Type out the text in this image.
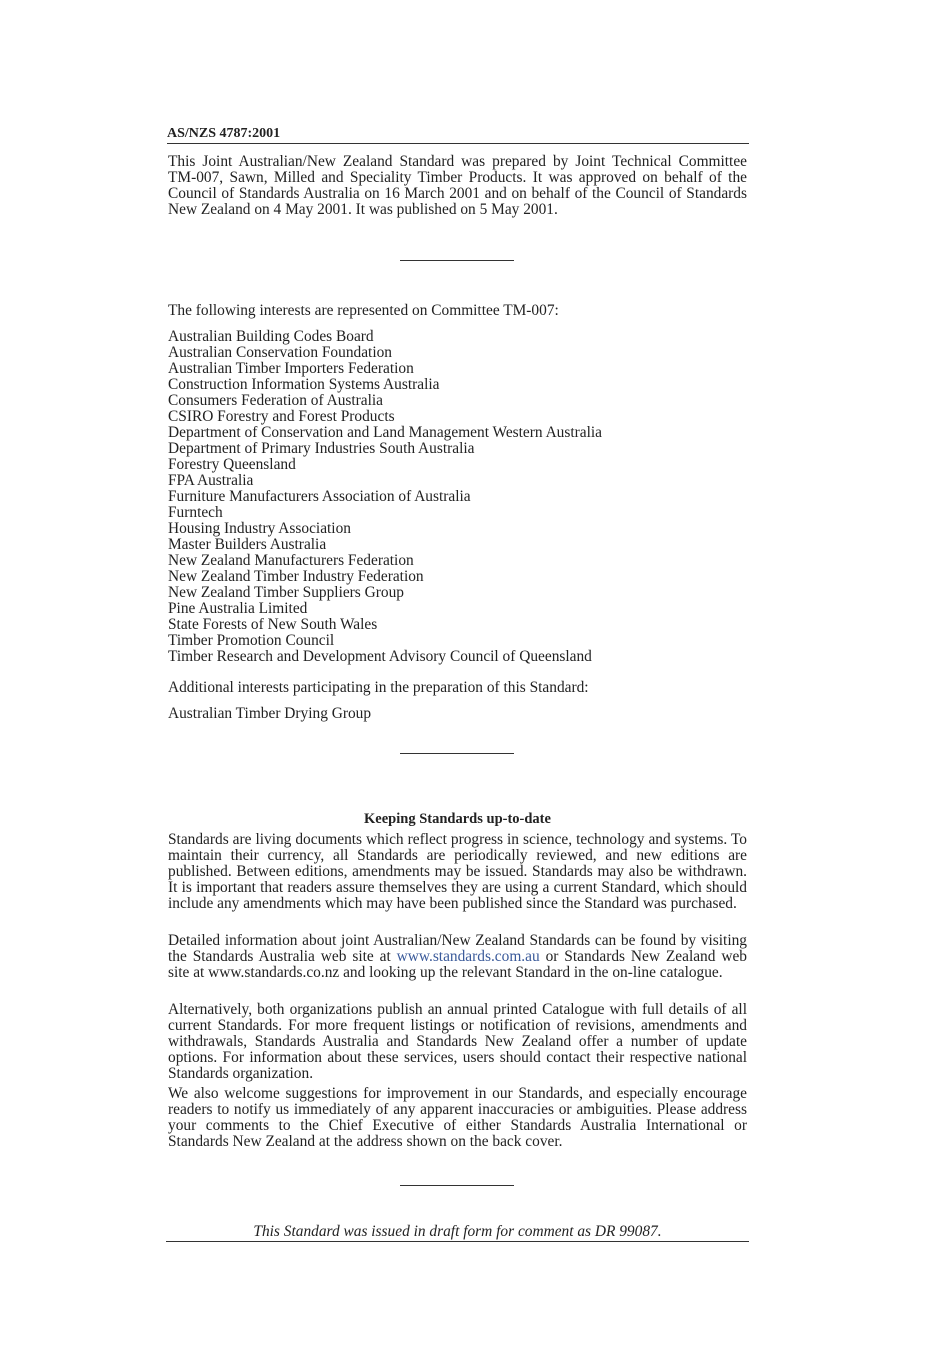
AS/NZS 4787:2001

This Joint Australian/New Zealand Standard was prepared by Joint Technical Committee TM-007, Sawn, Milled and Speciality Timber Products. It was approved on behalf of the Council of Standards Australia on 16 March 2001 and on behalf of the Council of Standards New Zealand on 4 May 2001. It was published on 5 May 2001.

The following interests are represented on Committee TM-007:

Australian Building Codes Board
Australian Conservation Foundation
Australian Timber Importers Federation
Construction Information Systems Australia
Consumers Federation of Australia
CSIRO Forestry and Forest Products
Department of Conservation and Land Management Western Australia
Department of Primary Industries South Australia
Forestry Queensland
FPA Australia
Furniture Manufacturers Association of Australia
Furntech
Housing Industry Association
Master Builders Australia
New Zealand Manufacturers Federation
New Zealand Timber Industry Federation
New Zealand Timber Suppliers Group
Pine Australia Limited
State Forests of New South Wales
Timber Promotion Council
Timber Research and Development Advisory Council of Queensland

Additional interests participating in the preparation of this Standard:

Australian Timber Drying Group
Keeping Standards up-to-date

Standards are living documents which reflect progress in science, technology and systems. To maintain their currency, all Standards are periodically reviewed, and new editions are published. Between editions, amendments may be issued. Standards may also be withdrawn. It is important that readers assure themselves they are using a current Standard, which should include any amendments which may have been published since the Standard was purchased.

Detailed information about joint Australian/New Zealand Standards can be found by visiting the Standards Australia web site at www.standards.com.au or Standards New Zealand web site at www.standards.co.nz and looking up the relevant Standard in the on-line catalogue.

Alternatively, both organizations publish an annual printed Catalogue with full details of all current Standards. For more frequent listings or notification of revisions, amendments and withdrawals, Standards Australia and Standards New Zealand offer a number of update options. For information about these services, users should contact their respective national Standards organization.

We also welcome suggestions for improvement in our Standards, and especially encourage readers to notify us immediately of any apparent inaccuracies or ambiguities. Please address your comments to the Chief Executive of either Standards Australia International or Standards New Zealand at the address shown on the back cover.

This Standard was issued in draft form for comment as DR 99087.
